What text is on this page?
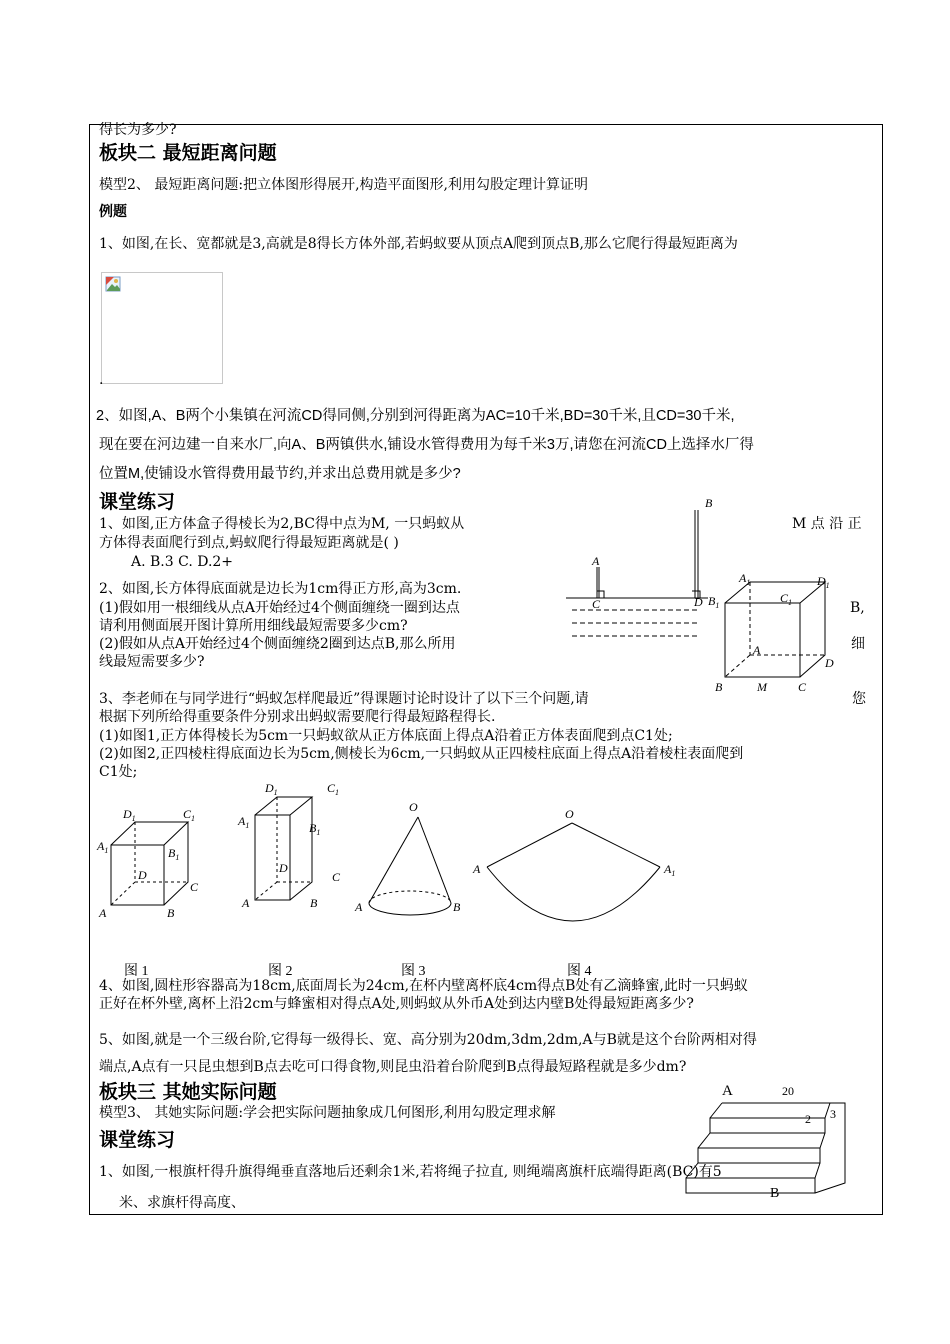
得长为多少?
板块二 最短距离问题
模型2、 最短距离问题:把立体图形得展开,构造平面图形,利用勾股定理计算证明
例题
1、如图,在长、宽都就是3,高就是8得长方体外部,若蚂蚁要从顶点A爬到顶点B,那么它爬行得最短距离为
.
2、如图,A、B两个小集镇在河流CD得同侧,分别到河得距离为AC=10千米,BD=30千米,且CD=30千米,
现在要在河边建一自来水厂,向A、B两镇供水,铺设水管得费用为每千米3万,请您在河流CD上选择水厂得
位置M,使铺设水管得费用最节约,并求出总费用就是多少?
课堂练习
1、如图,正方体盒子得棱长为2,BC得中点为M, 一只蚂蚁从	M 点 沿 正
方体得表面爬行到点,蚂蚁爬行得最短距离就是( )
A. B.3 C. D.2+
2、如图,长方体得底面就是边长为1cm得正方形,高为3cm.
(1)假如用一根细线从点A开始经过4个侧面缠绕一圈到达点	B,
请利用侧面展开图计算所用细线最短需要多少cm?
(2)假如从点A开始经过4个侧面缠绕2圈到达点B,那么所用	细
线最短需要多少?
3、李老师在与同学进行“蚂蚁怎样爬最近”得课题讨论时设计了以下三个问题,请	您
根据下列所给得重要条件分别求出蚂蚁需要爬行得最短路程得长.
(1)如图1,正方体得棱长为5cm一只蚂蚁欲从正方体底面上得点A沿着正方体表面爬到点C1处;
(2)如图2,正四棱柱得底面边长为5cm,侧棱长为6cm,一只蚂蚁从正四棱柱底面上得点A沿着棱柱表面爬到
C1处;
4、如图,圆柱形容器高为18cm,底面周长为24cm,在杯内壁离杯底4cm得点B处有乙滴蜂蜜,此时一只蚂蚁
正好在杯外壁,离杯上沿2cm与蜂蜜相对得点A处,则蚂蚁从外币A处到达内壁B处得最短距离多少?
5、如图,就是一个三级台阶,它得每一级得长、宽、高分别为20dm,3dm,2dm,A与B就是这个台阶两相对得
端点,A点有一只昆虫想到B点去吃可口得食物,则昆虫沿着台阶爬到B点得最短路程就是多少dm?
板块三 其她实际问题
模型3、 其她实际问题:学会把实际问题抽象成几何图形,利用勾股定理求解
课堂练习
1、如图,一根旗杆得升旗得绳垂直落地后还剩余1米,若将绳子拉直, 则绳端离旗杆底端得距离(BC)有5
米、求旗杆得高度、
B
A
C	D
$A_1$	$D_1$
$C_1$
$B_1$
A
D
B	M	C
$D_1$	$C_1$
$A_1$	$B_1$
D
C
A	B
图 1
$D_1$	$C_1$
$A_1$	$B_1$
D
C
A	B
图 2
O
A	B
图 3
O
A	$A_1$
图 4
A	20
2 3
B
